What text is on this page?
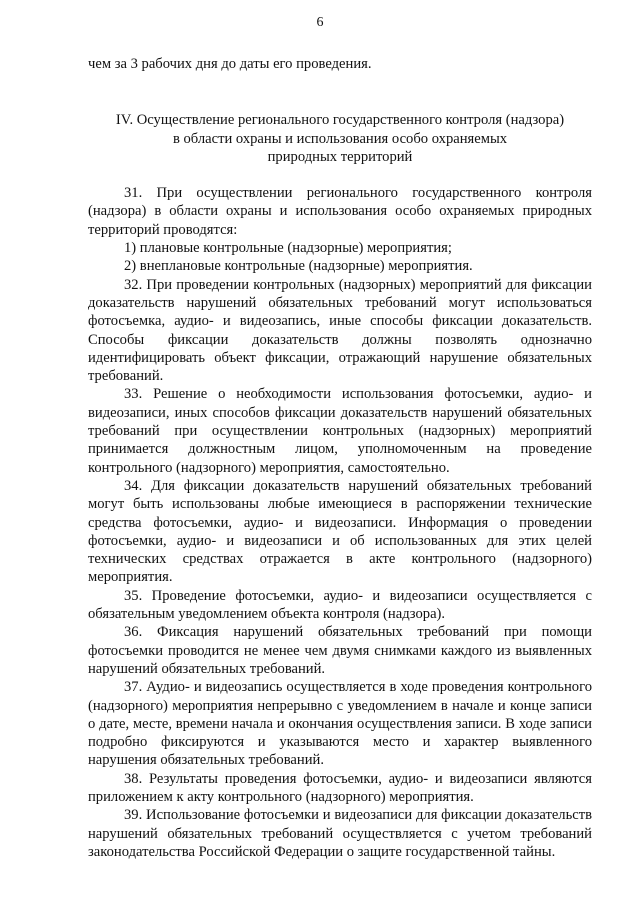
6

чем за 3 рабочих дня до даты его проведения.

IV. Осуществление регионального государственного контроля (надзора)
в области охраны и использования особо охраняемых
природных территорий

31. При осуществлении регионального государственного контроля (надзора) в области охраны и использования особо охраняемых природных территорий проводятся:

1) плановые контрольные (надзорные) мероприятия;

2) внеплановые контрольные (надзорные) мероприятия.

32. При проведении контрольных (надзорных) мероприятий для фиксации доказательств нарушений обязательных требований могут использоваться фотосъемка, аудио- и видеозапись, иные способы фиксации доказательств. Способы фиксации доказательств должны позволять однозначно идентифицировать объект фиксации, отражающий нарушение обязательных требований.

33. Решение о необходимости использования фотосъемки, аудио- и видеозаписи, иных способов фиксации доказательств нарушений обязательных требований при осуществлении контрольных (надзорных) мероприятий принимается должностным лицом, уполномоченным на проведение контрольного (надзорного) мероприятия, самостоятельно.

34. Для фиксации доказательств нарушений обязательных требований могут быть использованы любые имеющиеся в распоряжении технические средства фотосъемки, аудио- и видеозаписи. Информация о проведении фотосъемки, аудио- и видеозаписи и об использованных для этих целей технических средствах отражается в акте контрольного (надзорного) мероприятия.

35. Проведение фотосъемки, аудио- и видеозаписи осуществляется с обязательным уведомлением объекта контроля (надзора).

36. Фиксация нарушений обязательных требований при помощи фотосъемки проводится не менее чем двумя снимками каждого из выявленных нарушений обязательных требований.

37. Аудио- и видеозапись осуществляется в ходе проведения контрольного (надзорного) мероприятия непрерывно с уведомлением в начале и конце записи о дате, месте, времени начала и окончания осуществления записи. В ходе записи подробно фиксируются и указываются место и характер выявленного нарушения обязательных требований.

38. Результаты проведения фотосъемки, аудио- и видеозаписи являются приложением к акту контрольного (надзорного) мероприятия.

39. Использование фотосъемки и видеозаписи для фиксации доказательств нарушений обязательных требований осуществляется с учетом требований законодательства Российской Федерации о защите государственной тайны.
